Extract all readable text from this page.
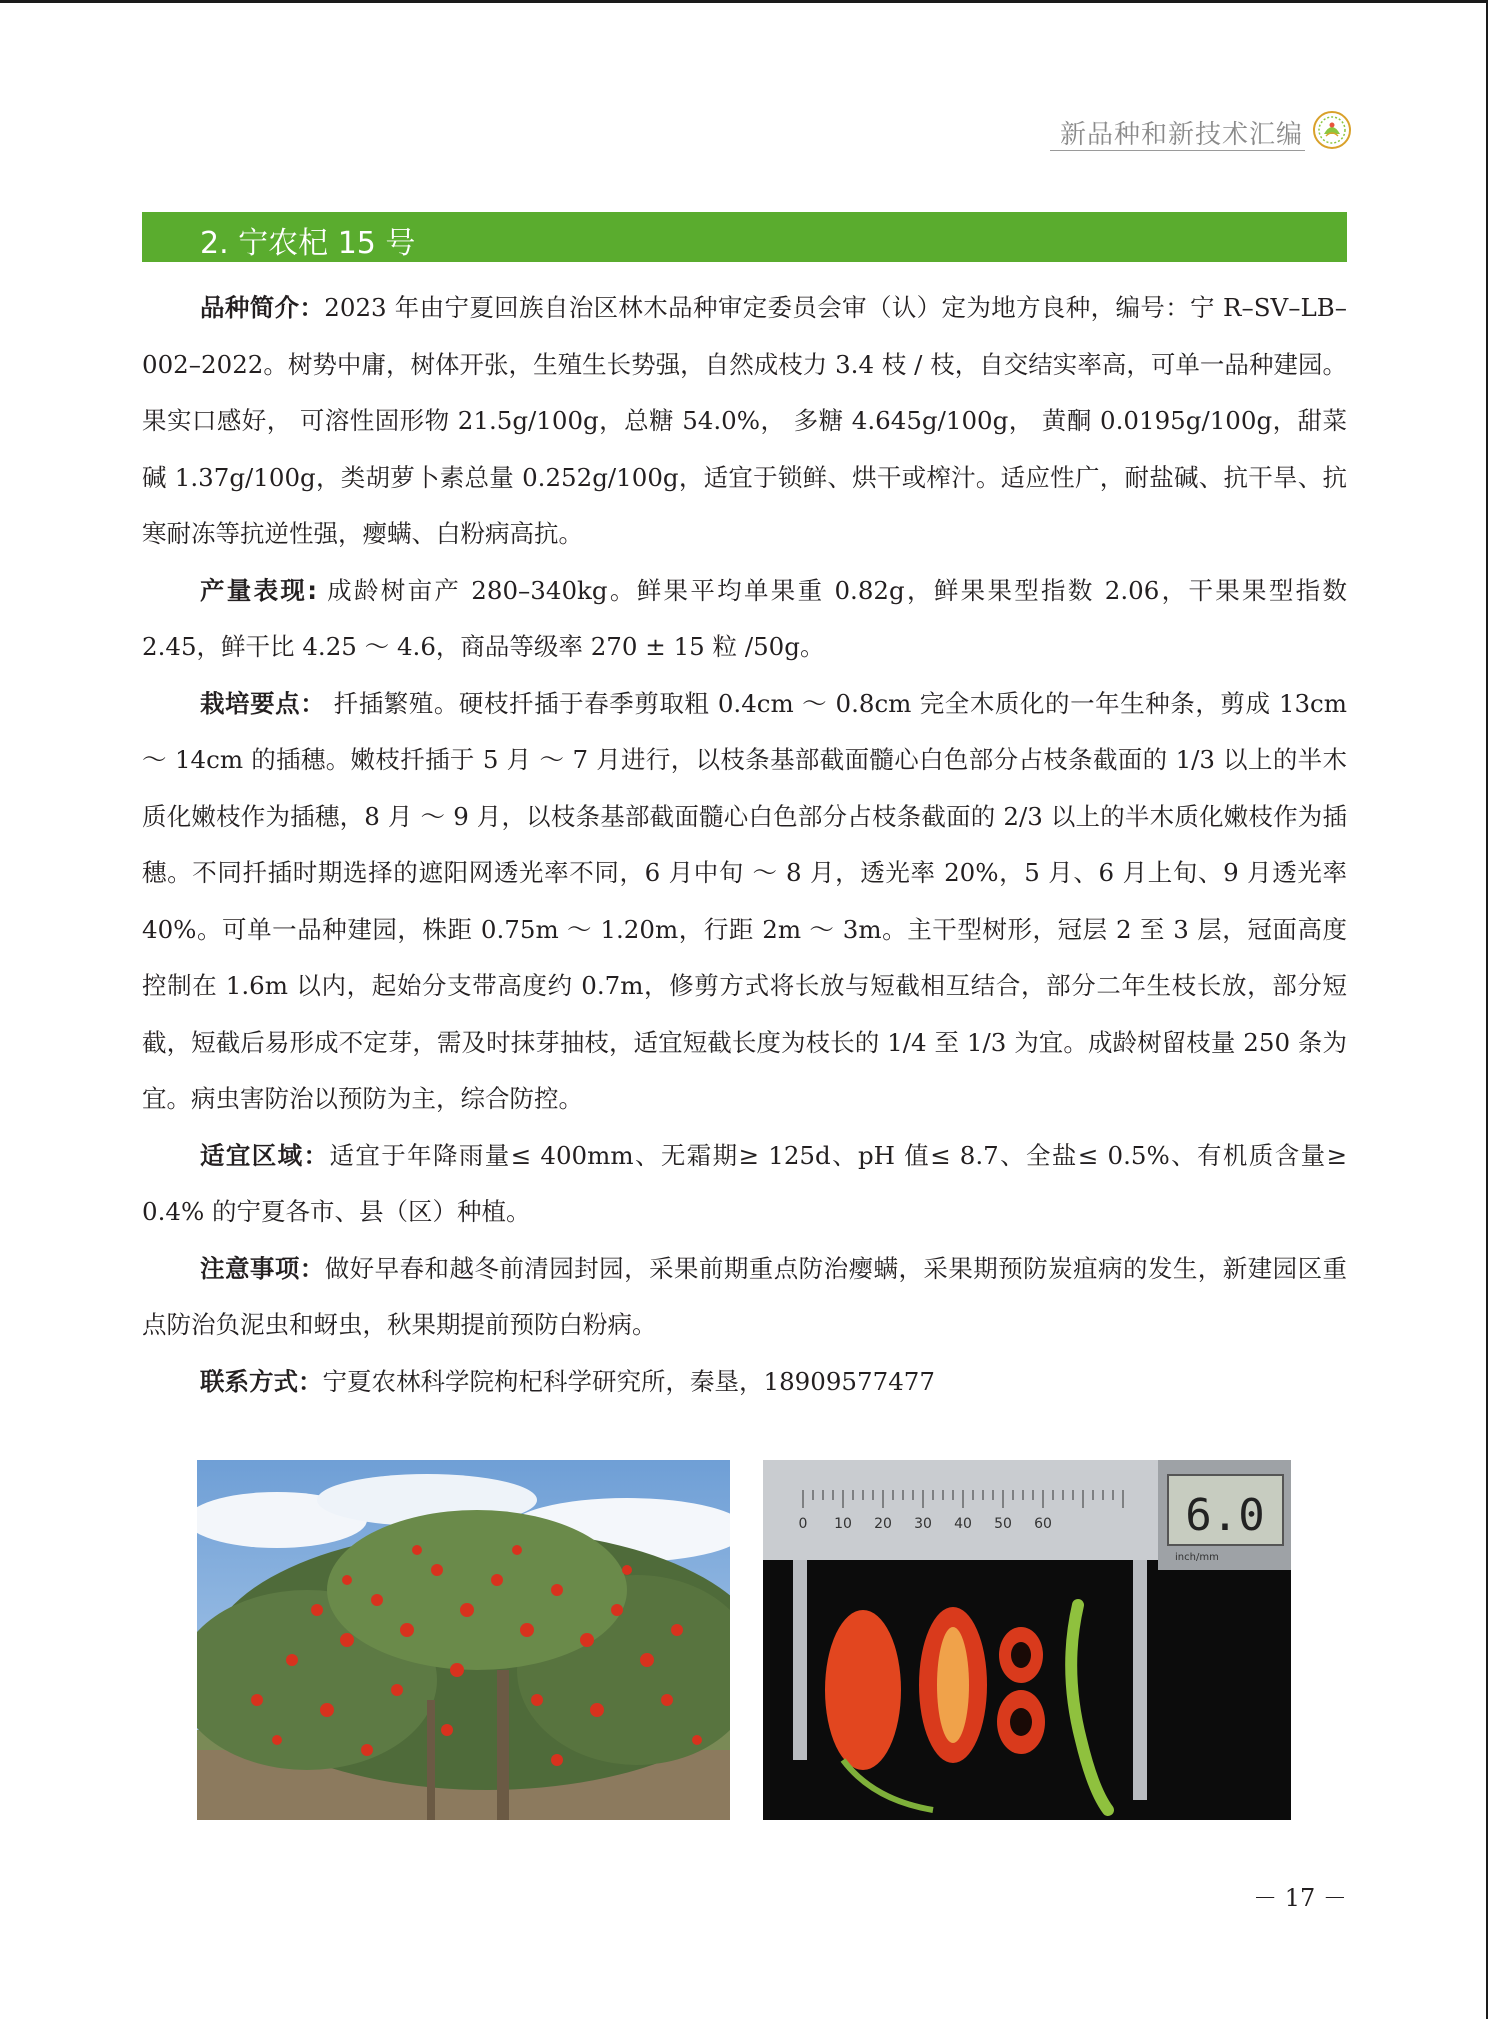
新品种和新技术汇编
2. 宁农杞 15 号

品种简介：2023 年由宁夏回族自治区林木品种审定委员会审（认）定为地方良种，编号：宁 R–SV–LB–002–2022。树势中庸，树体开张，生殖生长势强，自然成枝力 3.4 枝 / 枝，自交结实率高，可单一品种建园。果实口感好， 可溶性固形物 21.5g/100g，总糖 54.0%， 多糖 4.645g/100g， 黄酮 0.0195g/100g，甜菜碱 1.37g/100g，类胡萝卜素总量 0.252g/100g，适宜于锁鲜、烘干或榨汁。适应性广，耐盐碱、抗干旱、抗寒耐冻等抗逆性强，瘿螨、白粉病高抗。

产量表现: 成龄树亩产 280–340kg。鲜果平均单果重 0.82g，鲜果果型指数 2.06，干果果型指数 2.45，鲜干比 4.25 ～ 4.6，商品等级率 270 ± 15 粒 /50g。

栽培要点： 扦插繁殖。硬枝扦插于春季剪取粗 0.4cm ～ 0.8cm 完全木质化的一年生种条，剪成 13cm ～ 14cm 的插穗。嫩枝扦插于 5 月 ～ 7 月进行，以枝条基部截面髓心白色部分占枝条截面的 1/3 以上的半木质化嫩枝作为插穗，8 月 ～ 9 月，以枝条基部截面髓心白色部分占枝条截面的 2/3 以上的半木质化嫩枝作为插穗。不同扦插时期选择的遮阳网透光率不同，6 月中旬 ～ 8 月，透光率 20%，5 月、6 月上旬、9 月透光率 40%。可单一品种建园，株距 0.75m ～ 1.20m，行距 2m ～ 3m。主干型树形，冠层 2 至 3 层，冠面高度控制在 1.6m 以内，起始分支带高度约 0.7m，修剪方式将长放与短截相互结合，部分二年生枝长放，部分短截，短截后易形成不定芽，需及时抹芽抽枝，适宜短截长度为枝长的 1/4 至 1/3 为宜。成龄树留枝量 250 条为宜。病虫害防治以预防为主，综合防控。

适宜区域：适宜于年降雨量≤ 400mm、无霜期≥ 125d、pH 值≤ 8.7、全盐≤ 0.5%、有机质含量≥ 0.4% 的宁夏各市、县（区）种植。

注意事项：做好早春和越冬前清园封园，采果前期重点防治瘿螨，采果期预防炭疽病的发生，新建园区重点防治负泥虫和蚜虫，秋果期提前预防白粉病。

联系方式：宁夏农林科学院枸杞科学研究所，秦垦，18909577477

6.0
inch/mm
0 10 20 30 40 50 60
－ 17 －
